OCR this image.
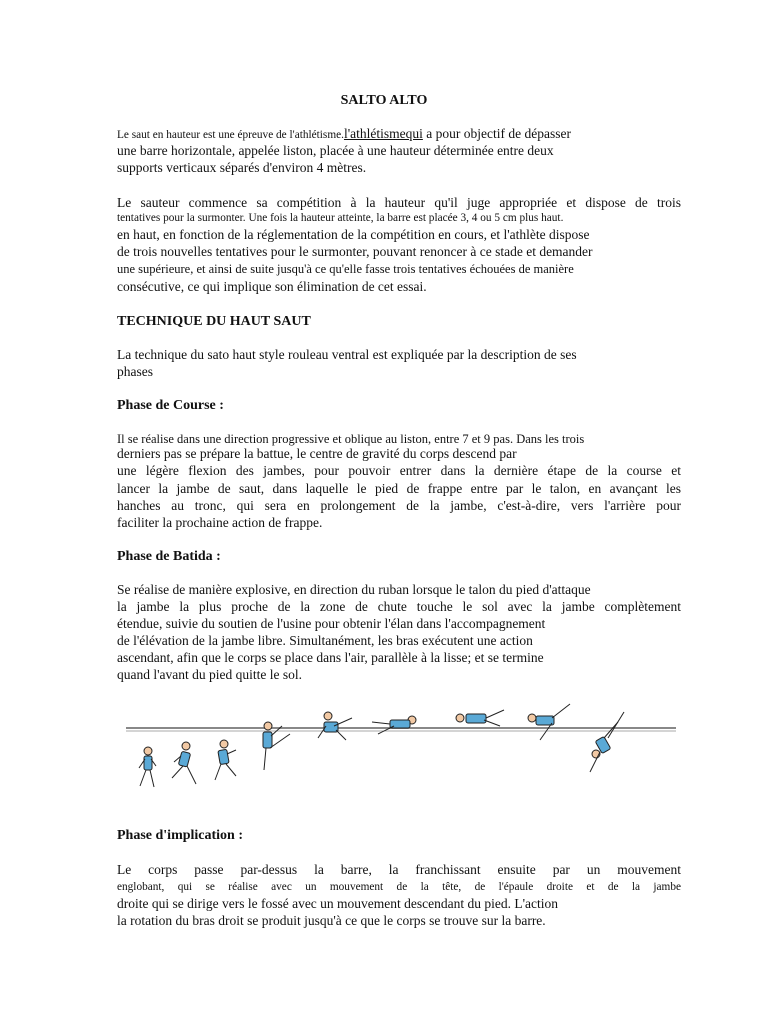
SALTO ALTO
Le saut en hauteur est une épreuve de l'athlétisme.l'athlétismequi a pour objectif de dépasser
une barre horizontale, appelée liston, placée à une hauteur déterminée entre deux
supports verticaux séparés d'environ 4 mètres.
Le sauteur commence sa compétition à la hauteur qu'il juge appropriée et dispose de trois
tentatives pour la surmonter. Une fois la hauteur atteinte, la barre est placée 3, 4 ou 5 cm plus haut.
en haut, en fonction de la réglementation de la compétition en cours, et l'athlète dispose
de trois nouvelles tentatives pour le surmonter, pouvant renoncer à ce stade et demander
une supérieure, et ainsi de suite jusqu'à ce qu'elle fasse trois tentatives échouées de manière
consécutive, ce qui implique son élimination de cet essai.
TECHNIQUE DU HAUT SAUT
La technique du sato haut style rouleau ventral est expliquée par la description de ses
phases
Phase de Course :
Il se réalise dans une direction progressive et oblique au liston, entre 7 et 9 pas. Dans les trois
derniers pas se prépare la battue, le centre de gravité du corps descend par
une légère flexion des jambes, pour pouvoir entrer dans la dernière étape de la course et
lancer la jambe de saut, dans laquelle le pied de frappe entre par le talon, en avançant les
hanches au tronc, qui sera en prolongement de la jambe, c'est-à-dire, vers l'arrière pour
faciliter la prochaine action de frappe.
Phase de Batida :
Se réalise de manière explosive, en direction du ruban lorsque le talon du pied d'attaque
la jambe la plus proche de la zone de chute touche le sol avec la jambe complètement
étendue, suivie du soutien de l'usine pour obtenir l'élan dans l'accompagnement
de l'élévation de la jambe libre. Simultanément, les bras exécutent une action
ascendant, afin que le corps se place dans l'air, parallèle à la lisse; et se termine
quand l'avant du pied quitte le sol.
Phase d'implication :
Le corps passe par-dessus la barre, la franchissant ensuite par un mouvement
englobant, qui se réalise avec un mouvement de la tête, de l'épaule droite et de la jambe
droite qui se dirige vers le fossé avec un mouvement descendant du pied. L'action
la rotation du bras droit se produit jusqu'à ce que le corps se trouve sur la barre.
